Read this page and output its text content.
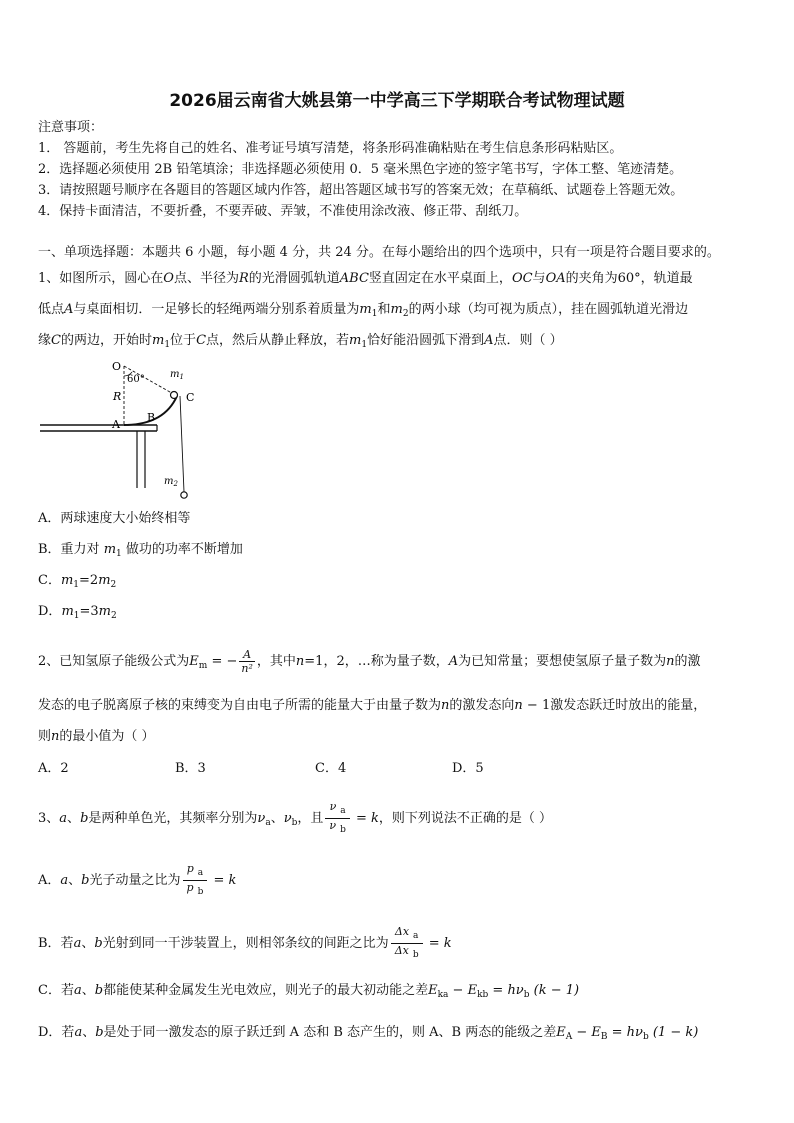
2026届云南省大姚县第一中学高三下学期联合考试物理试题
注意事项：
1． 答题前，考生先将自己的姓名、准考证号填写清楚，将条形码准确粘贴在考生信息条形码粘贴区。
2．选择题必须使用 2B 铅笔填涂；非选择题必须使用 0．5 毫米黑色字迹的签字笔书写，字体工整、笔迹清楚。
3．请按照题号顺序在各题目的答题区域内作答，超出答题区域书写的答案无效；在草稿纸、试题卷上答题无效。
4．保持卡面清洁，不要折叠，不要弄破、弄皱，不准使用涂改液、修正带、刮纸刀。
一、单项选择题：本题共 6 小题，每小题 4 分，共 24 分。在每小题给出的四个选项中，只有一项是符合题目要求的。
1、如图所示，圆心在O点、半径为R的光滑圆弧轨道ABC竖直固定在水平桌面上，OC与OA的夹角为60°，轨道最
低点A与桌面相切．一足够长的轻绳两端分别系着质量为$m_1$和$m_2$的两小球（均可视为质点），挂在圆弧轨道光滑边
缘C的两边，开始时$m_1$位于C点，然后从静止释放，若$m_1$恰好能沿圆弧下滑到A点．则（ ）
O
60°	$m_1$
R
B
C
A
$m_2$
A．两球速度大小始终相等
B．重力对 $m_1$ 做功的功率不断增加
C．$m_1=2m_2$
D．$m_1=3m_2$
2、已知氢原子能级公式为$E_m$ = − $\frac{A}{\text{n²}}$ ，其中n=1，2，…称为量子数，A为已知常量；要想使氢原子量子数为n的激
发态的电子脱离原子核的束缚变为自由电子所需的能量大于由量子数为n的激发态向n − 1激发态跃迁时放出的能量，
则n的最小值为（ ）
A．2	B．3	C．4	D．5
3、a、b是两种单色光，其频率分别为$\nu_a$、$\nu_b$，且 $\frac{\nu _a}{\nu _b} = k$，则下列说法不正确的是（ ）
A．a、b光子动量之比为 $\frac{p _a}{p _b} = k$
B．若a、b光射到同一干涉装置上，则相邻条纹的间距之比为 $\frac{\Delta x _a}{\Delta x _b} = k$
C．若a、b都能使某种金属发生光电效应，则光子的最大初动能之差$E_{ka} - E_{kb} = h\nu_b$ (k − 1)
D．若a、b是处于同一激发态的原子跃迁到 A 态和 B 态产生的，则 A、B 两态的能级之差$E_A - E_B = h\nu_b$ (1 − k)
